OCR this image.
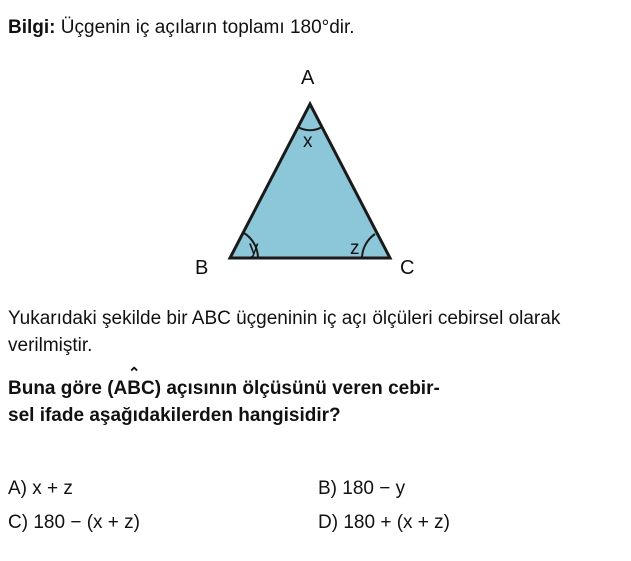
Bilgi: Üçgenin iç açıların toplamı 180°dir.
A
B	C
x
y	z
Yukarıdaki şekilde bir ABC üçgeninin iç açı ölçüleri cebirsel olarak verilmiştir.
Buna göre (A
⌃
BC) açısının ölçüsünü veren cebir-
sel ifade aşağıdakilerden hangisidir?
A) x + z	B) 180 − y
C) 180 − (x + z)	D) 180 + (x + z)
